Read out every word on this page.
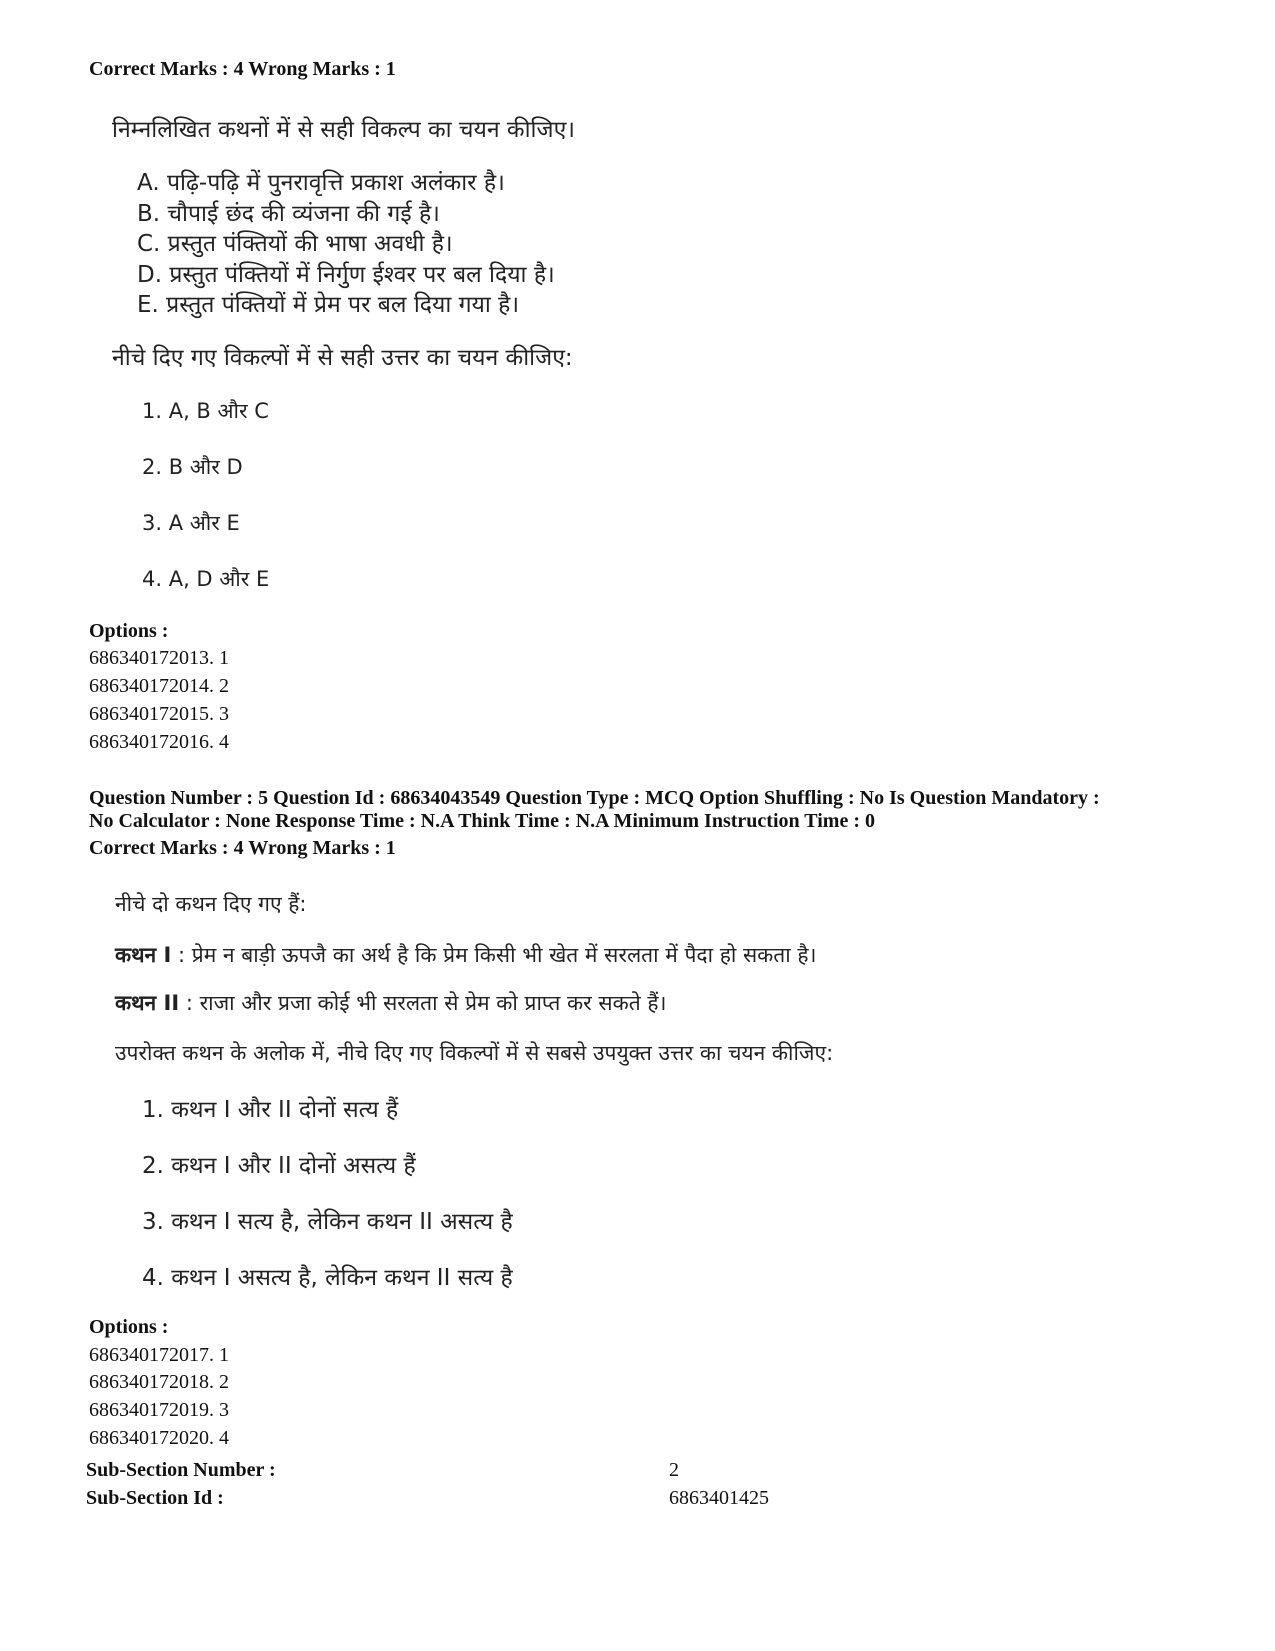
Correct Marks : 4 Wrong Marks : 1
निम्नलिखित कथनों में से सही विकल्प का चयन कीजिए।
A. पढ़ि-पढ़ि में पुनरावृत्ति प्रकाश अलंकार है।
B. चौपाई छंद की व्यंजना की गई है।
C. प्रस्तुत पंक्तियों की भाषा अवधी है।
D. प्रस्तुत पंक्तियों में निर्गुण ईश्वर पर बल दिया है।
E. प्रस्तुत पंक्तियों में प्रेम पर बल दिया गया है।
नीचे दिए गए विकल्पों में से सही उत्तर का चयन कीजिए:
1. A, B और C
2. B और D
3. A और E
4. A, D और E
Options :
686340172013. 1
686340172014. 2
686340172015. 3
686340172016. 4
Question Number : 5 Question Id : 68634043549 Question Type : MCQ Option Shuffling : No Is Question Mandatory :
No Calculator : None Response Time : N.A Think Time : N.A Minimum Instruction Time : 0
Correct Marks : 4 Wrong Marks : 1
नीचे दो कथन दिए गए हैं:
कथन I : प्रेम न बाड़ी ऊपजै का अर्थ है कि प्रेम किसी भी खेत में सरलता में पैदा हो सकता है।
कथन II : राजा और प्रजा कोई भी सरलता से प्रेम को प्राप्त कर सकते हैं।
उपरोक्त कथन के अलोक में, नीचे दिए गए विकल्पों में से सबसे उपयुक्त उत्तर का चयन कीजिए:
1. कथन I और II दोनों सत्य हैं
2. कथन I और II दोनों असत्य हैं
3. कथन I सत्य है, लेकिन कथन II असत्य है
4. कथन I असत्य है, लेकिन कथन II सत्य है
Options :
686340172017. 1
686340172018. 2
686340172019. 3
686340172020. 4
Sub-Section Number :	2
Sub-Section Id :	6863401425
